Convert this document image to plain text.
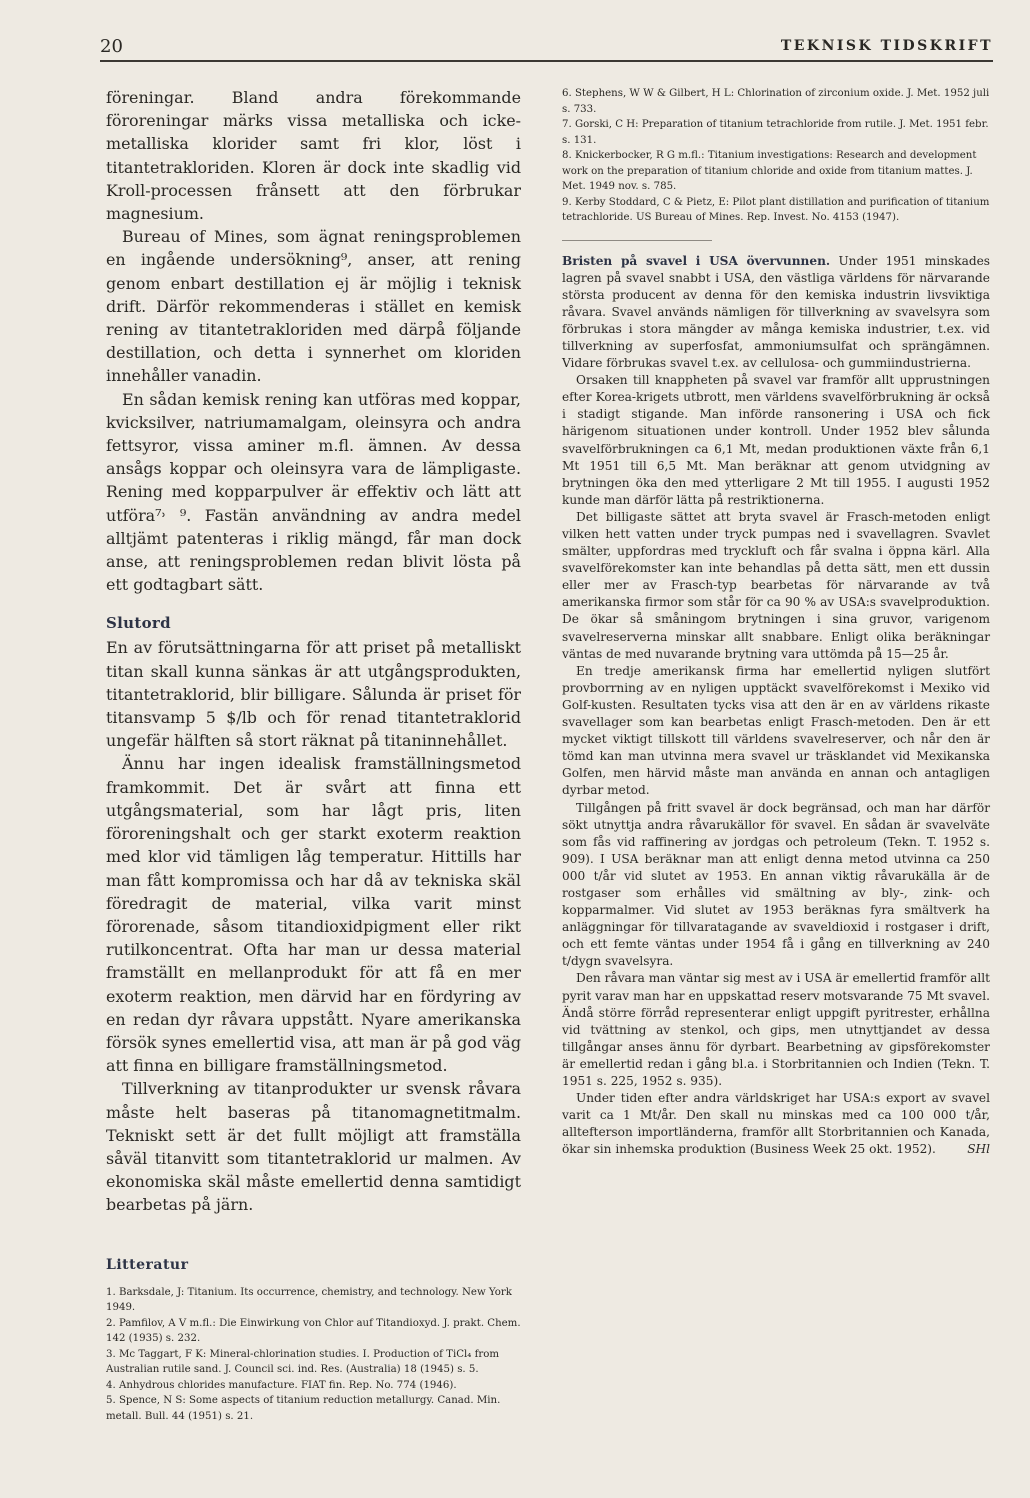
20	TEKNISK TIDSKRIFT

föreningar. Bland andra förekommande föroreningar märks vissa metalliska och icke-metalliska klorider samt fri klor, löst i titantetrakloriden. Kloren är dock inte skadlig vid Kroll-processen frånsett att den förbrukar magnesium.

Bureau of Mines, som ägnat reningsproblemen en ingående undersökning⁹, anser, att rening genom enbart destillation ej är möjlig i teknisk drift. Därför rekommenderas i stället en kemisk rening av titantetrakloriden med därpå följande destillation, och detta i synnerhet om kloriden innehåller vanadin.

En sådan kemisk rening kan utföras med koppar, kvicksilver, natriumamalgam, oleinsyra och andra fettsyror, vissa aminer m.fl. ämnen. Av dessa ansågs koppar och oleinsyra vara de lämpligaste. Rening med kopparpulver är effektiv och lätt att utföra⁷˒ ⁹. Fastän användning av andra medel alltjämt patenteras i riklig mängd, får man dock anse, att reningsproblemen redan blivit lösta på ett godtagbart sätt.

Slutord

En av förutsättningarna för att priset på metalliskt titan skall kunna sänkas är att utgångsprodukten, titantetraklorid, blir billigare. Sålunda är priset för titansvamp 5 $/lb och för renad titantetraklorid ungefär hälften så stort räknat på titaninnehållet.

Ännu har ingen idealisk framställningsmetod framkommit. Det är svårt att finna ett utgångsmaterial, som har lågt pris, liten föroreningshalt och ger starkt exoterm reaktion med klor vid tämligen låg temperatur. Hittills har man fått kompromissa och har då av tekniska skäl föredragit de material, vilka varit minst förorenade, såsom titandioxidpigment eller rikt rutilkoncentrat. Ofta har man ur dessa material framställt en mellanprodukt för att få en mer exoterm reaktion, men därvid har en fördyring av en redan dyr råvara uppstått. Nyare amerikanska försök synes emellertid visa, att man är på god väg att finna en billigare framställningsmetod.

Tillverkning av titanprodukter ur svensk råvara måste helt baseras på titanomagnetitmalm. Tekniskt sett är det fullt möjligt att framställa såväl titanvitt som titantetraklorid ur malmen. Av ekonomiska skäl måste emellertid denna samtidigt bearbetas på järn.

Litteratur
1. Barksdale, J: Titanium. Its occurrence, chemistry, and technology. New York 1949.
2. Pamfilov, A V m.fl.: Die Einwirkung von Chlor auf Titandioxyd. J. prakt. Chem. 142 (1935) s. 232.
3. Mc Taggart, F K: Mineral-chlorination studies. I. Production of TiCl₄ from Australian rutile sand. J. Council sci. ind. Res. (Australia) 18 (1945) s. 5.
4. Anhydrous chlorides manufacture. FIAT fin. Rep. No. 774 (1946).
5. Spence, N S: Some aspects of titanium reduction metallurgy. Canad. Min. metall. Bull. 44 (1951) s. 21.
6. Stephens, W W & Gilbert, H L: Chlorination of zirconium oxide. J. Met. 1952 juli s. 733.
7. Gorski, C H: Preparation of titanium tetrachloride from rutile. J. Met. 1951 febr. s. 131.
8. Knickerbocker, R G m.fl.: Titanium investigations: Research and development work on the preparation of titanium chloride and oxide from titanium mattes. J. Met. 1949 nov. s. 785.
9. Kerby Stoddard, C & Pietz, E: Pilot plant distillation and purification of titanium tetrachloride. US Bureau of Mines. Rep. Invest. No. 4153 (1947).

Bristen på svavel i USA övervunnen. Under 1951 minskades lagren på svavel snabbt i USA, den västliga världens för närvarande största producent av denna för den kemiska industrin livsviktiga råvara. Svavel används nämligen för tillverkning av svavelsyra som förbrukas i stora mängder av många kemiska industrier, t.ex. vid tillverkning av superfosfat, ammoniumsulfat och sprängämnen. Vidare förbrukas svavel t.ex. av cellulosa- och gummiindustrierna.

Orsaken till knappheten på svavel var framför allt upprustningen efter Korea-krigets utbrott, men världens svavelförbrukning är också i stadigt stigande. Man införde ransonering i USA och fick härigenom situationen under kontroll. Under 1952 blev sålunda svavelförbrukningen ca 6,1 Mt, medan produktionen växte från 6,1 Mt 1951 till 6,5 Mt. Man beräknar att genom utvidgning av brytningen öka den med ytterligare 2 Mt till 1955. I augusti 1952 kunde man därför lätta på restriktionerna.

Det billigaste sättet att bryta svavel är Frasch-metoden enligt vilken hett vatten under tryck pumpas ned i svavellagren. Svavlet smälter, uppfordras med tryckluft och får svalna i öppna kärl. Alla svavelförekomster kan inte behandlas på detta sätt, men ett dussin eller mer av Frasch-typ bearbetas för närvarande av två amerikanska firmor som står för ca 90 % av USA:s svavelproduktion. De ökar så småningom brytningen i sina gruvor, varigenom svavelreserverna minskar allt snabbare. Enligt olika beräkningar väntas de med nuvarande brytning vara uttömda på 15—25 år.

En tredje amerikansk firma har emellertid nyligen slutfört provborrning av en nyligen upptäckt svavelförekomst i Mexiko vid Golf-kusten. Resultaten tycks visa att den är en av världens rikaste svavellager som kan bearbetas enligt Frasch-metoden. Den är ett mycket viktigt tillskott till världens svavelreserver, och når den är tömd kan man utvinna mera svavel ur träsklandet vid Mexikanska Golfen, men härvid måste man använda en annan och antagligen dyrbar metod.

Tillgången på fritt svavel är dock begränsad, och man har därför sökt utnyttja andra råvarukällor för svavel. En sådan är svavelväte som fås vid raffinering av jordgas och petroleum (Tekn. T. 1952 s. 909). I USA beräknar man att enligt denna metod utvinna ca 250 000 t/år vid slutet av 1953. En annan viktig råvarukälla är de rostgaser som erhålles vid smältning av bly-, zink- och kopparmalmer. Vid slutet av 1953 beräknas fyra smältverk ha anläggningar för tillvaratagande av svaveldioxid i rostgaser i drift, och ett femte väntas under 1954 få i gång en tillverkning av 240 t/dygn svavelsyra.

Den råvara man väntar sig mest av i USA är emellertid framför allt pyrit varav man har en uppskattad reserv motsvarande 75 Mt svavel. Ändå större förråd representerar enligt uppgift pyritrester, erhållna vid tvättning av stenkol, och gips, men utnyttjandet av dessa tillgångar anses ännu för dyrbart. Bearbetning av gipsförekomster är emellertid redan i gång bl.a. i Storbritannien och Indien (Tekn. T. 1951 s. 225, 1952 s. 935).

Under tiden efter andra världskriget har USA:s export av svavel varit ca 1 Mt/år. Den skall nu minskas med ca 100 000 t/år, alltefterson importländerna, framför allt Storbritannien och Kanada, ökar sin inhemska produktion (Business Week 25 okt. 1952).	SHl
